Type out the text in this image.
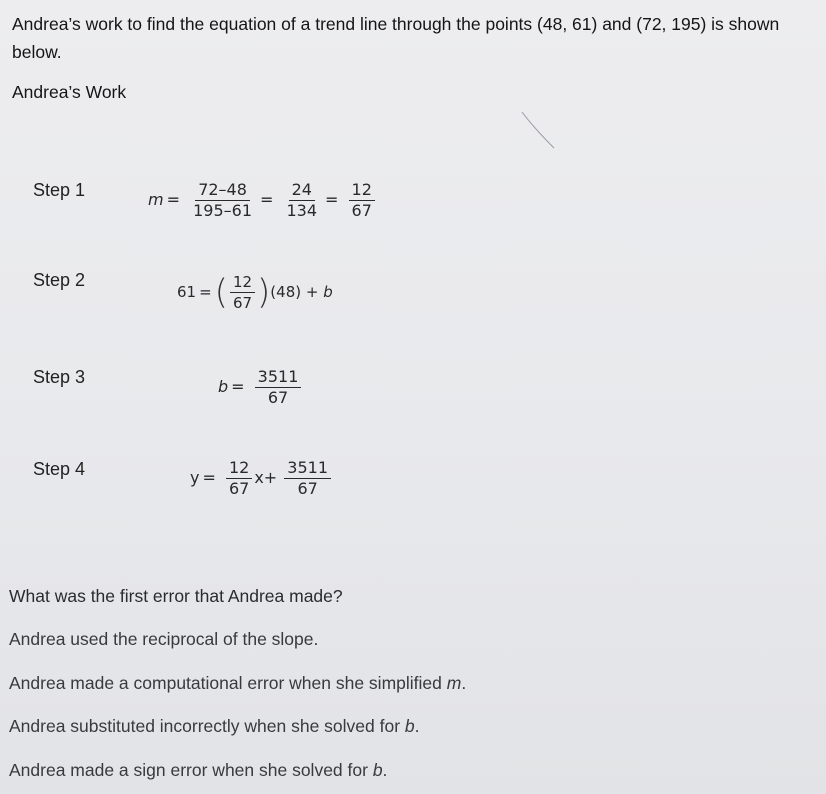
Andrea’s work to find the equation of a trend line through the points (48, 61) and (72, 195) is shown below.
Andrea’s Work
Step 1	$m = \frac{72-48}{195-61} = \frac{24}{134} = \frac{12}{67}$
Step 2
61 =( $\frac{12}{67} )(48) + b$
Step 3	$b = \frac{3511}{67}$
Step 4	$y = \frac{12}{67} x+ \frac{3511}{67}$
What was the first error that Andrea made?
Andrea used the reciprocal of the slope.
Andrea made a computational error when she simplified m.
Andrea substituted incorrectly when she solved for b.
Andrea made a sign error when she solved for b.
